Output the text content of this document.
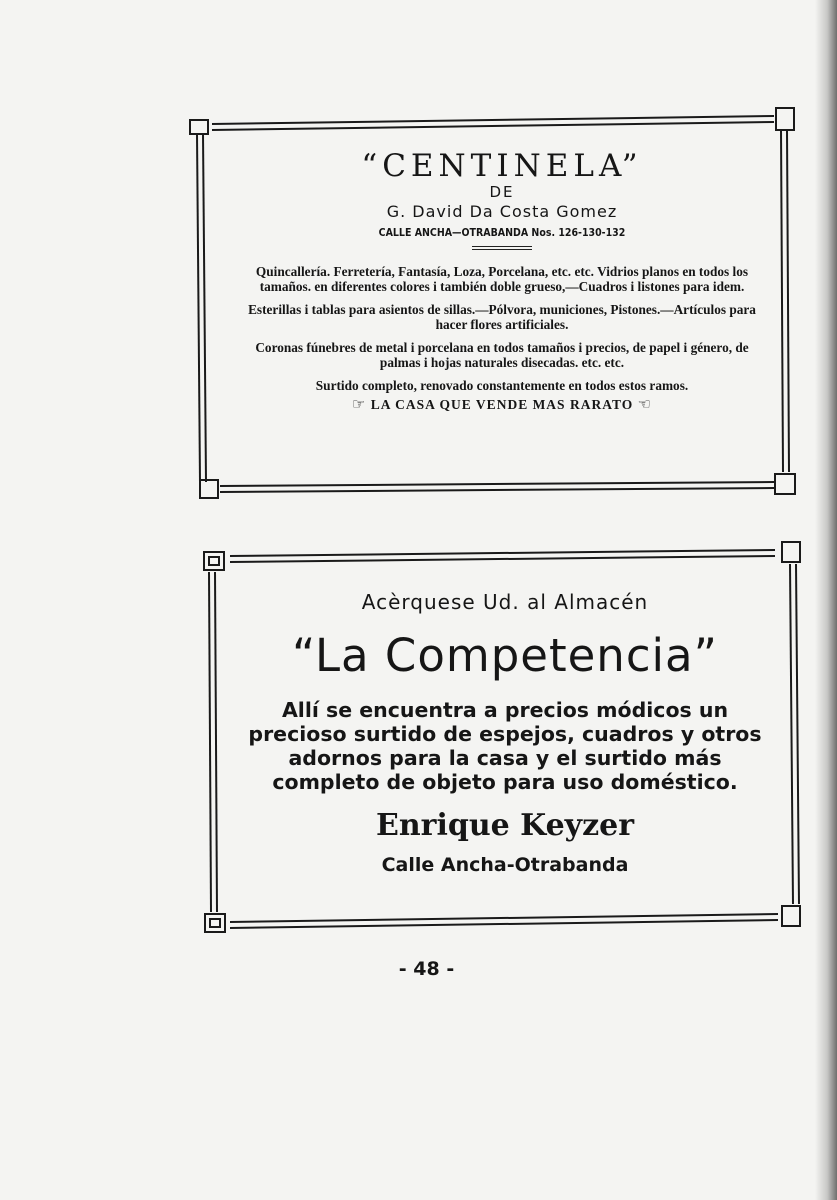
“CENTINELA”
DE
G. David Da Costa Gomez
CALLE ANCHA—OTRABANDA Nos. 126-130-132

Quincallería. Ferretería, Fantasía, Loza, Porcelana, etc. etc. Vidrios planos en todos los tamaños. en diferentes colores i también doble grueso,—Cuadros i listones para idem.

Esterillas i tablas para asientos de sillas.—Pólvora, municiones, Pistones.—Artículos para hacer flores artificiales.

Coronas fúnebres de metal i porcelana en todos tamaños i precios, de papel i género, de palmas i hojas naturales disecadas. etc. etc.

Surtido completo, renovado constantemente en todos estos ramos.

☞ LA CASA QUE VENDE MAS RARATO ☜
Acèrquese Ud. al Almacén
“La Competencia”
Allí se encuentra a precios módicos un precioso surtido de espejos, cuadros y otros adornos para la casa y el surtido más completo de objeto para uso doméstico.
Enrique Keyzer
Calle Ancha-Otrabanda
- 48 -
